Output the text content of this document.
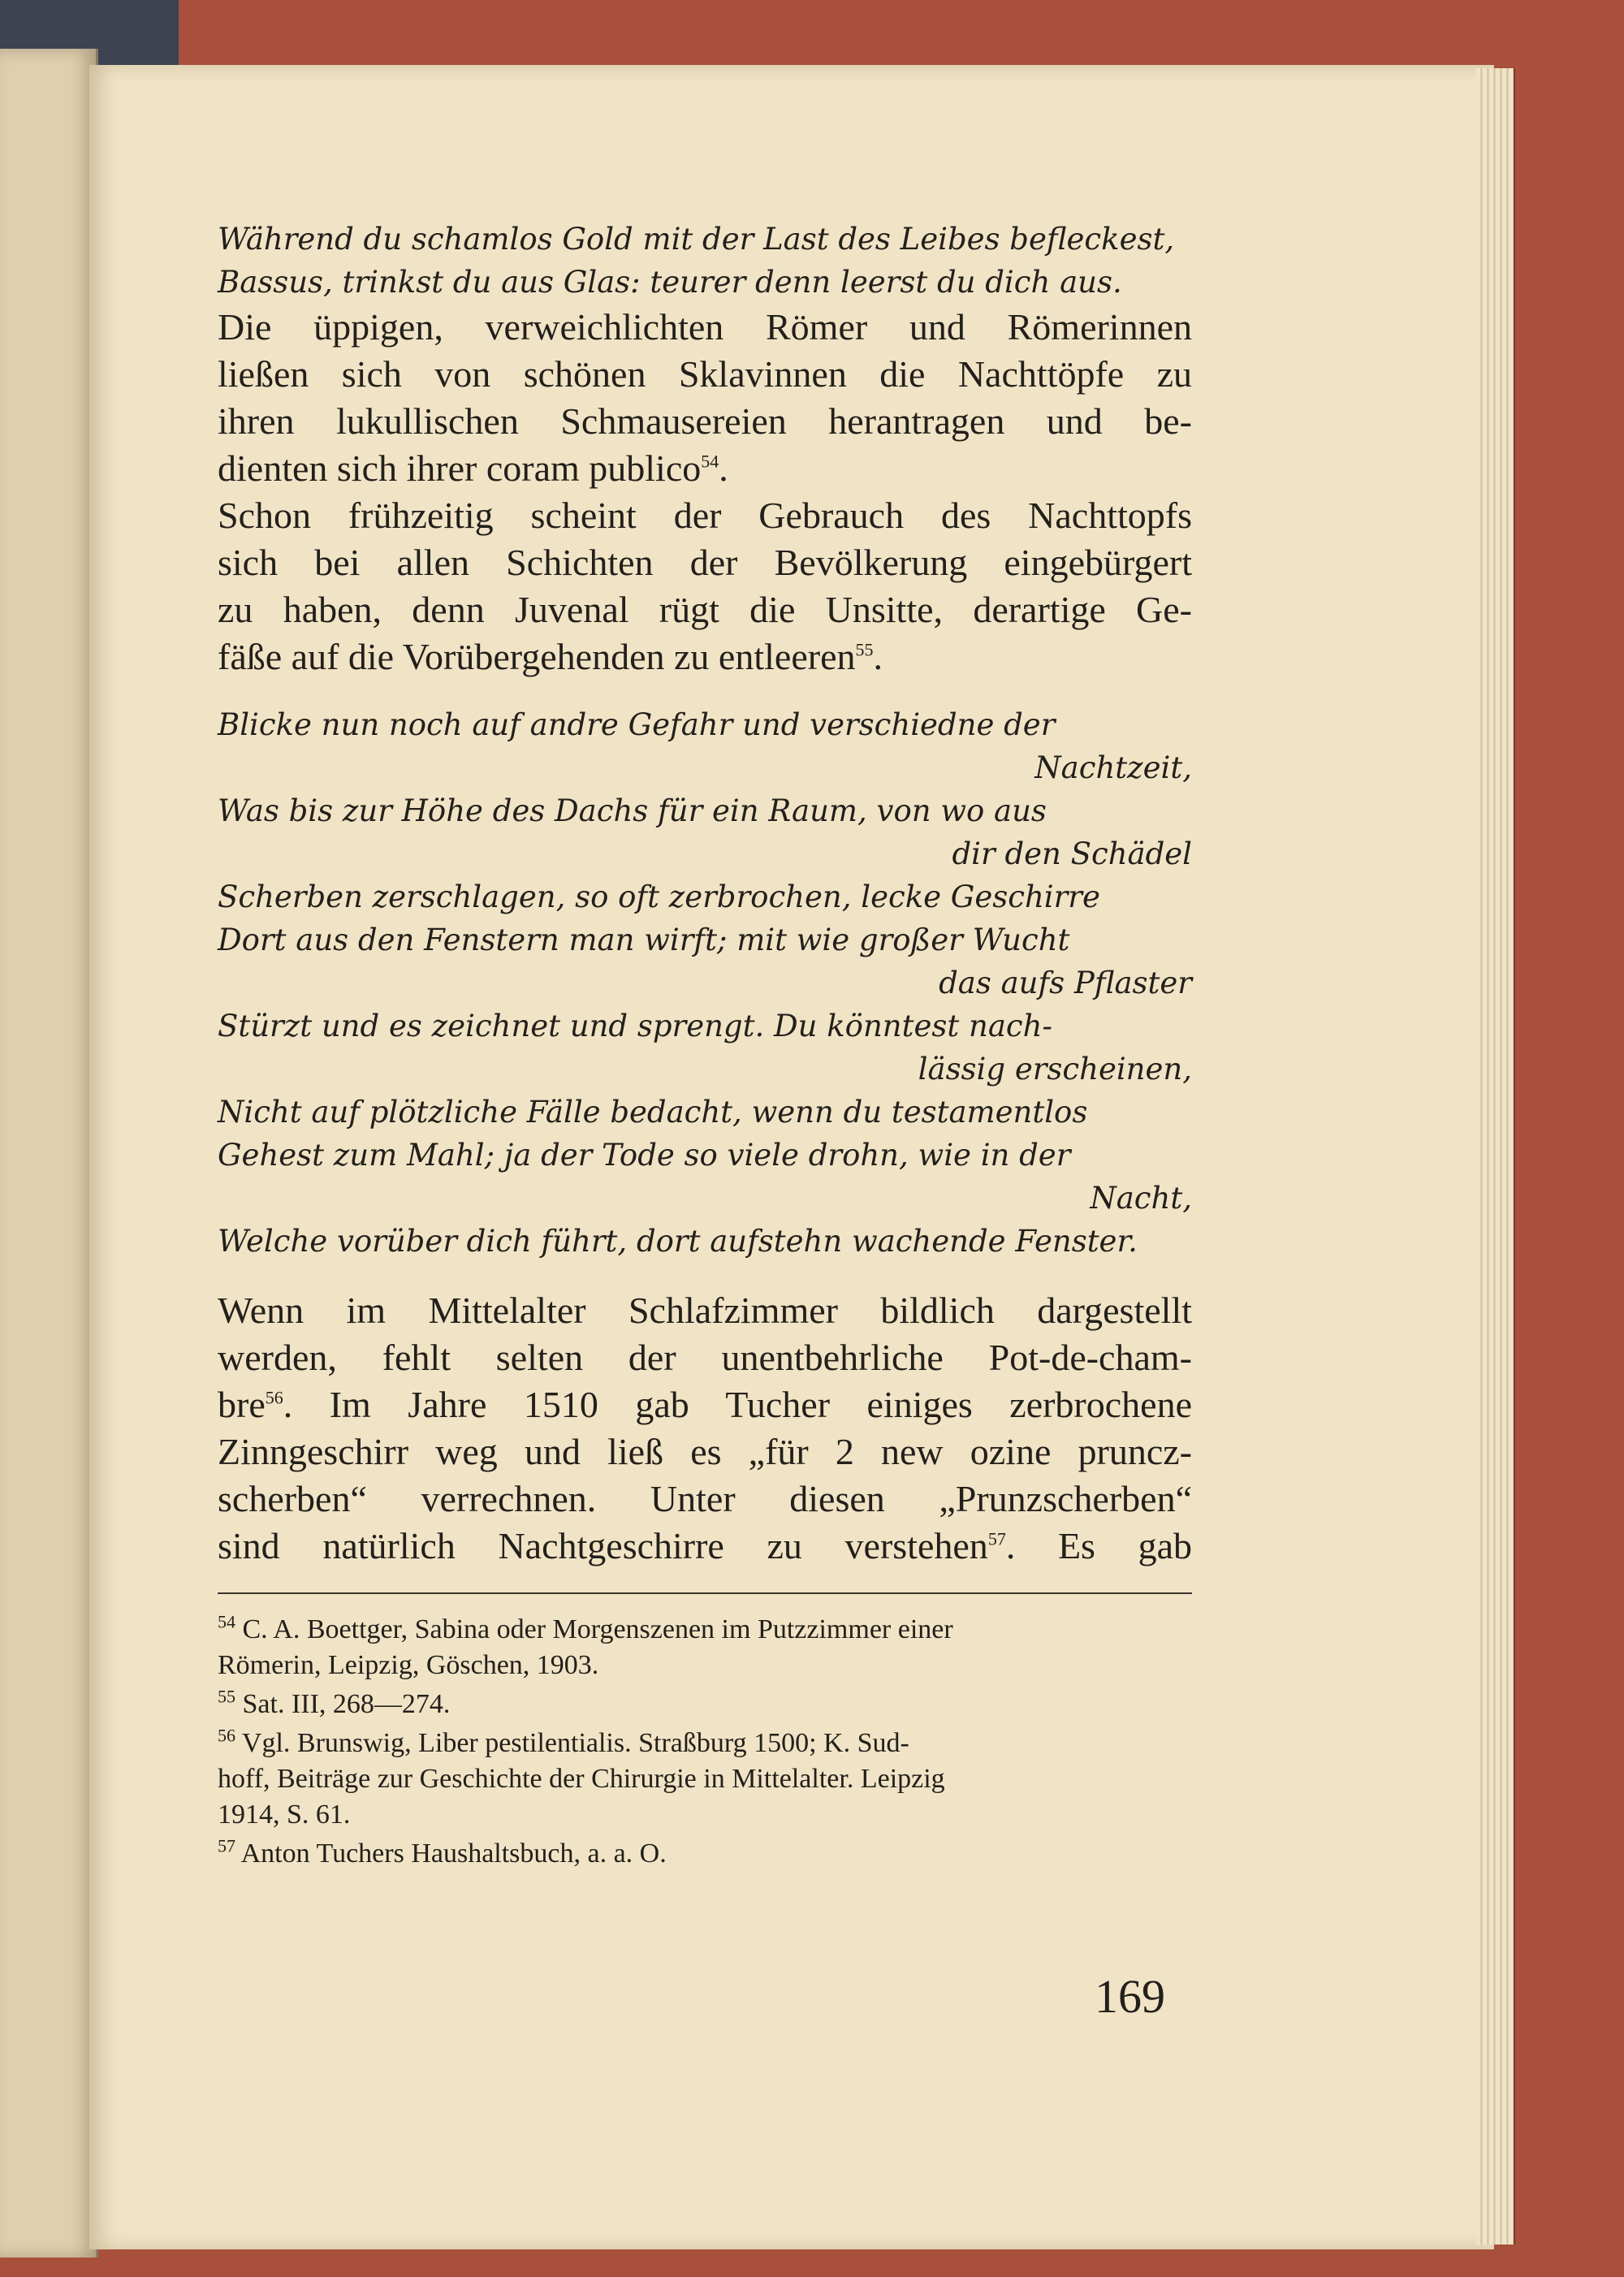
Während du schamlos Gold mit der Last des Leibes befleckest,
Bassus, trinkst du aus Glas: teurer denn leerst du dich aus.
Die üppigen, verweichlichten Römer und Römerinnen
ließen sich von schönen Sklavinnen die Nachttöpfe zu
ihren lukullischen Schmausereien herantragen und be-
dienten sich ihrer coram publico$^{54}$.
Schon frühzeitig scheint der Gebrauch des Nachttopfs
sich bei allen Schichten der Bevölkerung eingebürgert
zu haben, denn Juvenal rügt die Unsitte, derartige Ge-
fäße auf die Vorübergehenden zu entleeren$^{55}$.
Blicke nun noch auf andre Gefahr und verschiedne der
Nachtzeit,
Was bis zur Höhe des Dachs für ein Raum, von wo aus
dir den Schädel
Scherben zerschlagen, so oft zerbrochen, lecke Geschirre
Dort aus den Fenstern man wirft; mit wie großer Wucht
das aufs Pflaster
Stürzt und es zeichnet und sprengt. Du könntest nach-
lässig erscheinen,
Nicht auf plötzliche Fälle bedacht, wenn du testamentlos
Gehest zum Mahl; ja der Tode so viele drohn, wie in der
Nacht,
Welche vorüber dich führt, dort aufstehn wachende Fenster.
Wenn im Mittelalter Schlafzimmer bildlich dargestellt
werden, fehlt selten der unentbehrliche Pot-de-cham-
bre$^{56}$. Im Jahre 1510 gab Tucher einiges zerbrochene
Zinngeschirr weg und ließ es „für 2 new ozine pruncz-
scherben“ verrechnen. Unter diesen „Prunzscherben“
sind natürlich Nachtgeschirre zu verstehen$^{57}$. Es gab

$^{54}$ C. A. Boettger, Sabina oder Morgenszenen im Putzzimmer einer
Römerin, Leipzig, Göschen, 1903.

$^{55}$ Sat. III, 268—274.

$^{56}$ Vgl. Brunswig, Liber pestilentialis. Straßburg 1500; K. Sud-
hoff, Beiträge zur Geschichte der Chirurgie in Mittelalter. Leipzig
1914, S. 61.

$^{57}$ Anton Tuchers Haushaltsbuch, a. a. O.

169
